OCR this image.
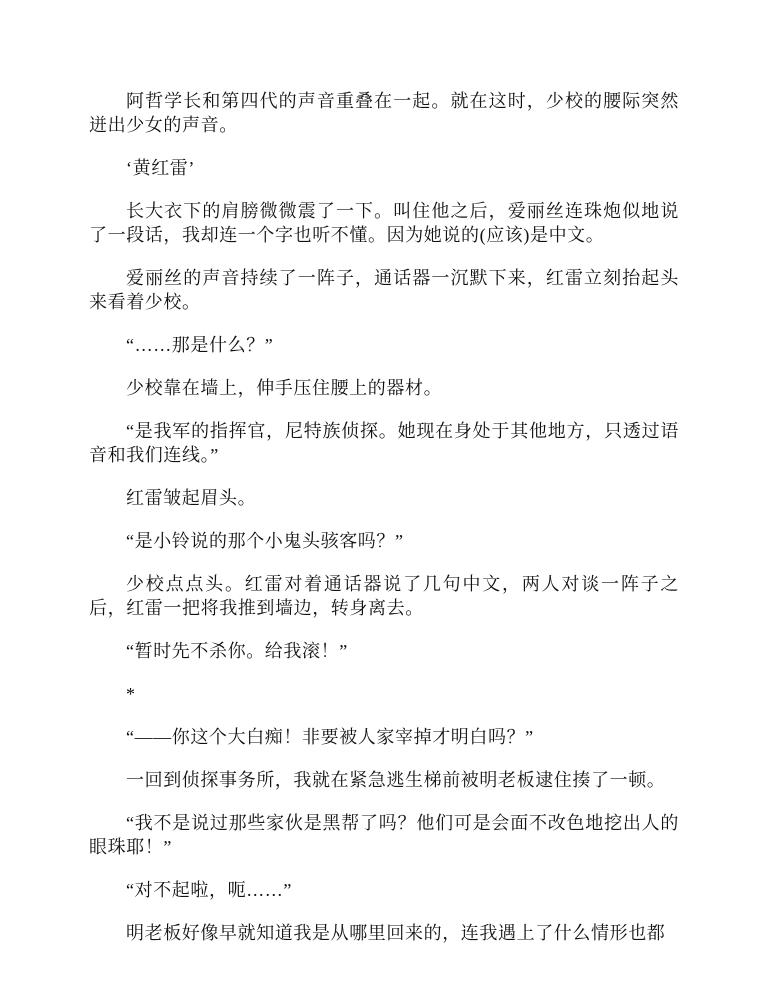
阿哲学长和第四代的声音重叠在一起。就在这时，少校的腰际突然迸出少女的声音。

‘黄红雷’

长大衣下的肩膀微微震了一下。叫住他之后，爱丽丝连珠炮似地说了一段话，我却连一个字也听不懂。因为她说的(应该)是中文。

爱丽丝的声音持续了一阵子，通话器一沉默下来，红雷立刻抬起头来看着少校。

“……那是什么？”

少校靠在墙上，伸手压住腰上的器材。

“是我军的指挥官，尼特族侦探。她现在身处于其他地方，只透过语音和我们连线。”

红雷皱起眉头。

“是小铃说的那个小鬼头骇客吗？”

少校点点头。红雷对着通话器说了几句中文，两人对谈一阵子之后，红雷一把将我推到墙边，转身离去。

“暂时先不杀你。给我滚！”

*

“——你这个大白痴！非要被人家宰掉才明白吗？”

一回到侦探事务所，我就在紧急逃生梯前被明老板逮住揍了一顿。

“我不是说过那些家伙是黑帮了吗？他们可是会面不改色地挖出人的眼珠耶！”

“对不起啦，呃……”

明老板好像早就知道我是从哪里回来的，连我遇上了什么情形也都
